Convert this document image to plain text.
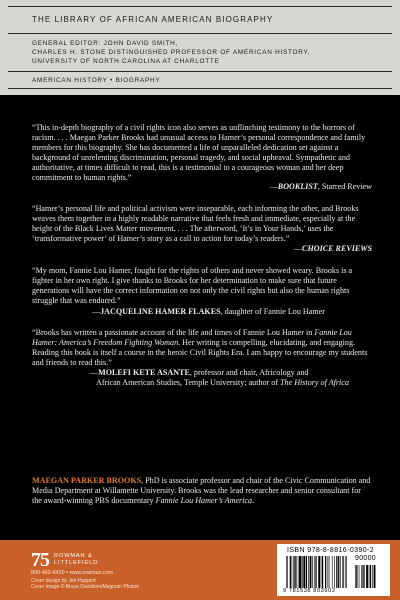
THE LIBRARY OF AFRICAN AMERICAN BIOGRAPHY
GENERAL EDITOR: JOHN DAVID SMITH,
CHARLES H. STONE DISTINGUISHED PROFESSOR OF AMERICAN HISTORY,
UNIVERSITY OF NORTH CAROLINA AT CHARLOTTE
AMERICAN HISTORY • BIOGRAPHY

“This in-depth biography of a civil rights icon also serves as unflinching testimony to the horrors of racism. . . . Maegan Parker Brooks had unusual access to Hamer’s personal correspondence and family members for this biography. She has documented a life of unparalleled dedication set against a background of unrelenting discrimination, personal tragedy, and social upheaval. Sympathetic and authoritative, at times difficult to read, this is a testimonial to a courageous woman and her deep commitment to human rights.”

—BOOKLIST, Starred Review

“Hamer’s personal life and political activism were inseparable, each informing the other, and Brooks weaves them together in a highly readable narrative that feels fresh and immediate, especially at the height of the Black Lives Matter movement. . . . The afterword, ‘It’s in Your Hands,’ uses the ‘transformative power’ of Hamer’s story as a call to action for today’s readers.”

—CHOICE REVIEWS

“My mom, Fannie Lou Hamer, fought for the rights of others and never showed weary. Brooks is a fighter in her own right. I give thanks to Brooks for her determination to make sure that future generations will have the correct information on not only the civil rights but also the human rights struggle that was endured.”

—JACQUELINE HAMER FLAKES, daughter of Fannie Lou Hamer

“Brooks has written a passionate account of the life and times of Fannie Lou Hamer in Fannie Lou Hamer: America’s Freedom Fighting Woman. Her writing is compelling, elucidating, and engaging. Reading this book is itself a course in the heroic Civil Rights Era. I am happy to encourage my students and friends to read this.”

—MOLEFI KETE ASANTE, professor and chair, Africology and

African American Studies, Temple University; author of The History of Africa

MAEGAN PARKER BROOKS, PhD is associate professor and chair of the Civic Communication and Media Department at Willamette University. Brooks was the lead researcher and senior consultant for the award-winning PBS documentary Fannie Lou Hamer’s America.

75 ROWMAN &
LITTLEFIELD
800-462-6420 • www.rowman.com
Cover design by Jen Huppert
Cover image © Bruce Davidson/Magnum Photos
ISBN 978-8-8816-0390-2
90000
9 781538 803902
